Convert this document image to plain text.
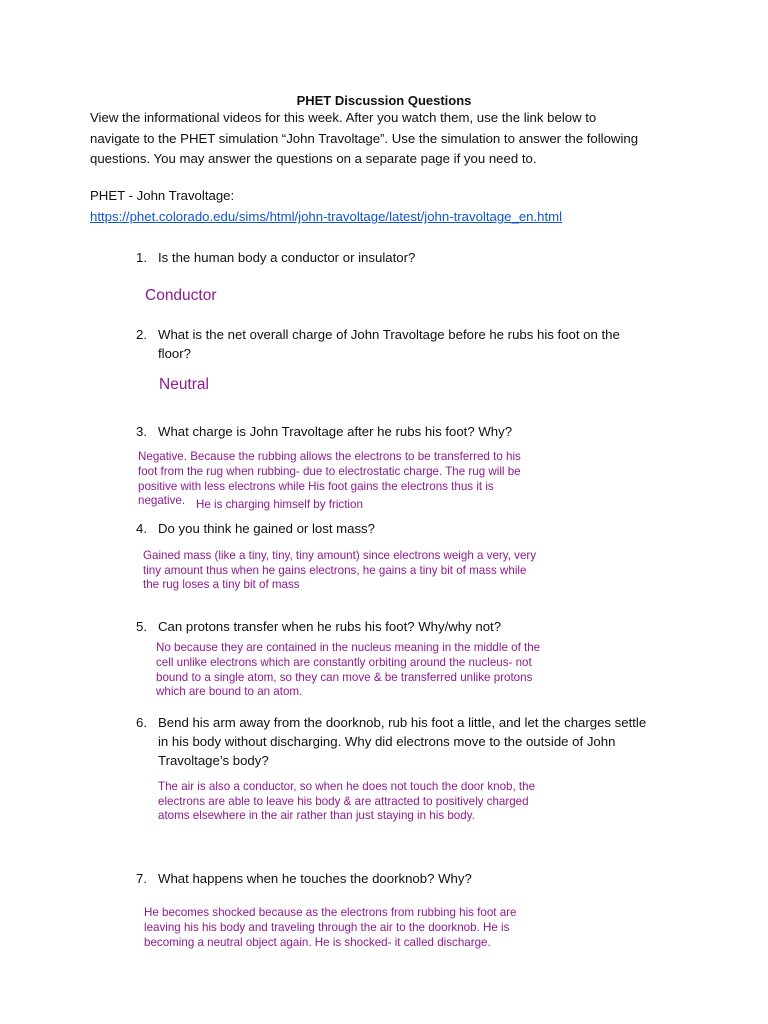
PHET Discussion Questions
View the informational videos for this week. After you watch them, use the link below to
navigate to the PHET simulation “John Travoltage”. Use the simulation to answer the following
questions. You may answer the questions on a separate page if you need to.
PHET - John Travoltage:
https://phet.colorado.edu/sims/html/john-travoltage/latest/john-travoltage_en.html
1. Is the human body a conductor or insulator?
Conductor
2. What is the net overall charge of John Travoltage before he rubs his foot on the
floor?
Neutral
3. What charge is John Travoltage after he rubs his foot? Why?
Negative. Because the rubbing allows the electrons to be transferred to his
foot from the rug when rubbing- due to electrostatic charge. The rug will be
positive with less electrons while His foot gains the electrons thus it is
negative. He is charging himself by friction
4. Do you think he gained or lost mass?
Gained mass (like a tiny, tiny, tiny amount) since electrons weigh a very, very
tiny amount thus when he gains electrons, he gains a tiny bit of mass while
the rug loses a tiny bit of mass
5. Can protons transfer when he rubs his foot? Why/why not?
No because they are contained in the nucleus meaning in the middle of the
cell unlike electrons which are constantly orbiting around the nucleus- not
bound to a single atom, so they can move & be transferred unlike protons
which are bound to an atom.
6. Bend his arm away from the doorknob, rub his foot a little, and let the charges settle
in his body without discharging. Why did electrons move to the outside of John
Travoltage’s body?
The air is also a conductor, so when he does not touch the door knob, the
electrons are able to leave his body & are attracted to positively charged
atoms elsewhere in the air rather than just staying in his body.
7. What happens when he touches the doorknob? Why?
He becomes shocked because as the electrons from rubbing his foot are
leaving his his body and traveling through the air to the doorknob. He is
becoming a neutral object again. He is shocked- it called discharge.
